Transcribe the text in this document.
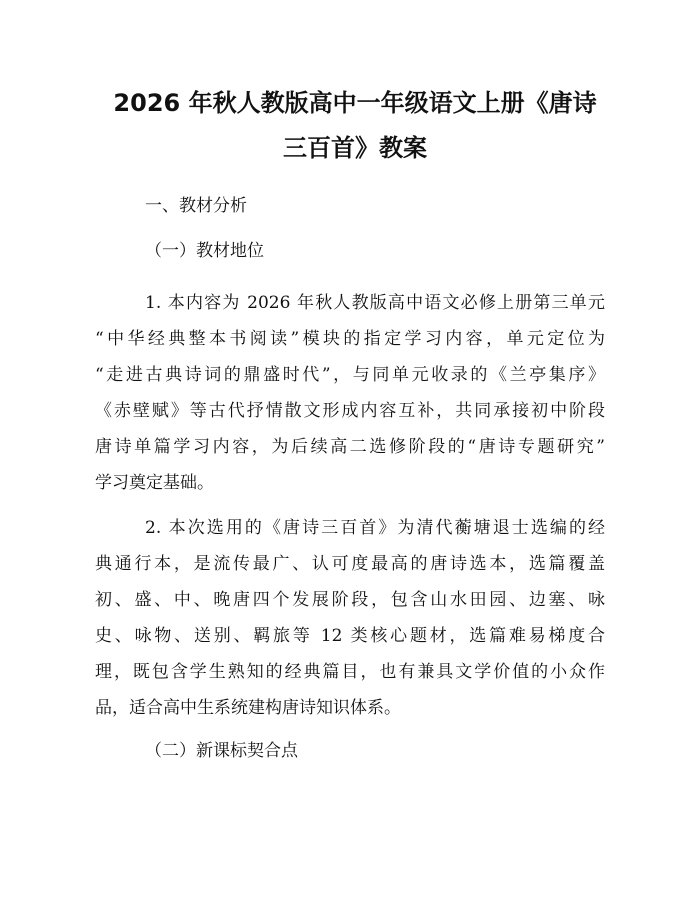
2026 年秋人教版高中一年级语文上册《唐诗
三百首》教案

一、教材分析

（一）教材地位

1. 本内容为 2026 年秋人教版高中语文必修上册第三单元
“中华经典整本书阅读”模块的指定学习内容，单元定位为
“走进古典诗词的鼎盛时代”，与同单元收录的《兰亭集序》
《赤壁赋》等古代抒情散文形成内容互补，共同承接初中阶段
唐诗单篇学习内容，为后续高二选修阶段的“唐诗专题研究”
学习奠定基础。
2. 本次选用的《唐诗三百首》为清代蘅塘退士选编的经
典通行本，是流传最广、认可度最高的唐诗选本，选篇覆盖
初、盛、中、晚唐四个发展阶段，包含山水田园、边塞、咏
史、咏物、送别、羁旅等 12 类核心题材，选篇难易梯度合
理，既包含学生熟知的经典篇目，也有兼具文学价值的小众作
品，适合高中生系统建构唐诗知识体系。

（二）新课标契合点
